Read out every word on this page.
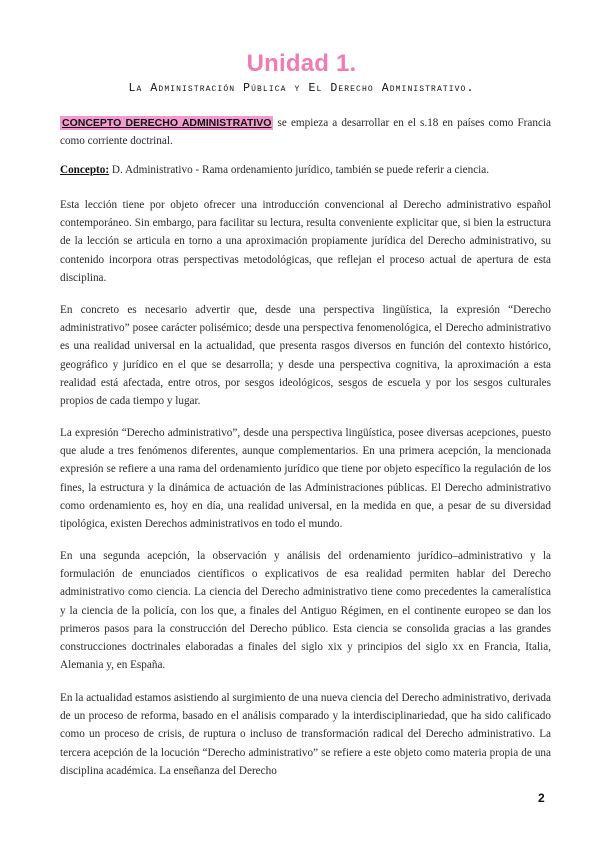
Unidad 1.
La Administración Pública y El Derecho Administrativo.

CONCEPTO DERECHO ADMINISTRATIVO se empieza a desarrollar en el s.18 en países como Francia como corriente doctrinal.

Concepto: D. Administrativo - Rama ordenamiento jurídico, también se puede referir a ciencia.

Esta lección tiene por objeto ofrecer una introducción convencional al Derecho administrativo español contemporáneo. Sin embargo, para facilitar su lectura, resulta conveniente explicitar que, si bien la estructura de la lección se articula en torno a una aproximación propiamente jurídica del Derecho administrativo, su contenido incorpora otras perspectivas metodológicas, que reflejan el proceso actual de apertura de esta disciplina.

En concreto es necesario advertir que, desde una perspectiva lingüística, la expresión “Derecho administrativo” posee carácter polisémico; desde una perspectiva fenomenológica, el Derecho administrativo es una realidad universal en la actualidad, que presenta rasgos diversos en función del contexto histórico, geográfico y jurídico en el que se desarrolla; y desde una perspectiva cognitiva, la aproximación a esta realidad está afectada, entre otros, por sesgos ideológicos, sesgos de escuela y por los sesgos culturales propios de cada tiempo y lugar.

La expresión “Derecho administrativo”, desde una perspectiva lingüística, posee diversas acepciones, puesto que alude a tres fenómenos diferentes, aunque complementarios. En una primera acepción, la mencionada expresión se refiere a una rama del ordenamiento jurídico que tiene por objeto específico la regulación de los fines, la estructura y la dinámica de actuación de las Administraciones públicas. El Derecho administrativo como ordenamiento es, hoy en día, una realidad universal, en la medida en que, a pesar de su diversidad tipológica, existen Derechos administrativos en todo el mundo.

En una segunda acepción, la observación y análisis del ordenamiento jurídico–administrativo y la formulación de enunciados científicos o explicativos de esa realidad permiten hablar del Derecho administrativo como ciencia. La ciencia del Derecho administrativo tiene como precedentes la cameralística y la ciencia de la policía, con los que, a finales del Antiguo Régimen, en el continente europeo se dan los primeros pasos para la construcción del Derecho público. Esta ciencia se consolida gracias a las grandes construcciones doctrinales elaboradas a finales del siglo xix y principios del siglo xx en Francia, Italia, Alemania y, en España.

En la actualidad estamos asistiendo al surgimiento de una nueva ciencia del Derecho administrativo, derivada de un proceso de reforma, basado en el análisis comparado y la interdisciplinariedad, que ha sido calificado como un proceso de crisis, de ruptura o incluso de transformación radical del Derecho administrativo. La tercera acepción de la locución “Derecho administrativo” se refiere a este objeto como materia propia de una disciplina académica. La enseñanza del Derecho

2
